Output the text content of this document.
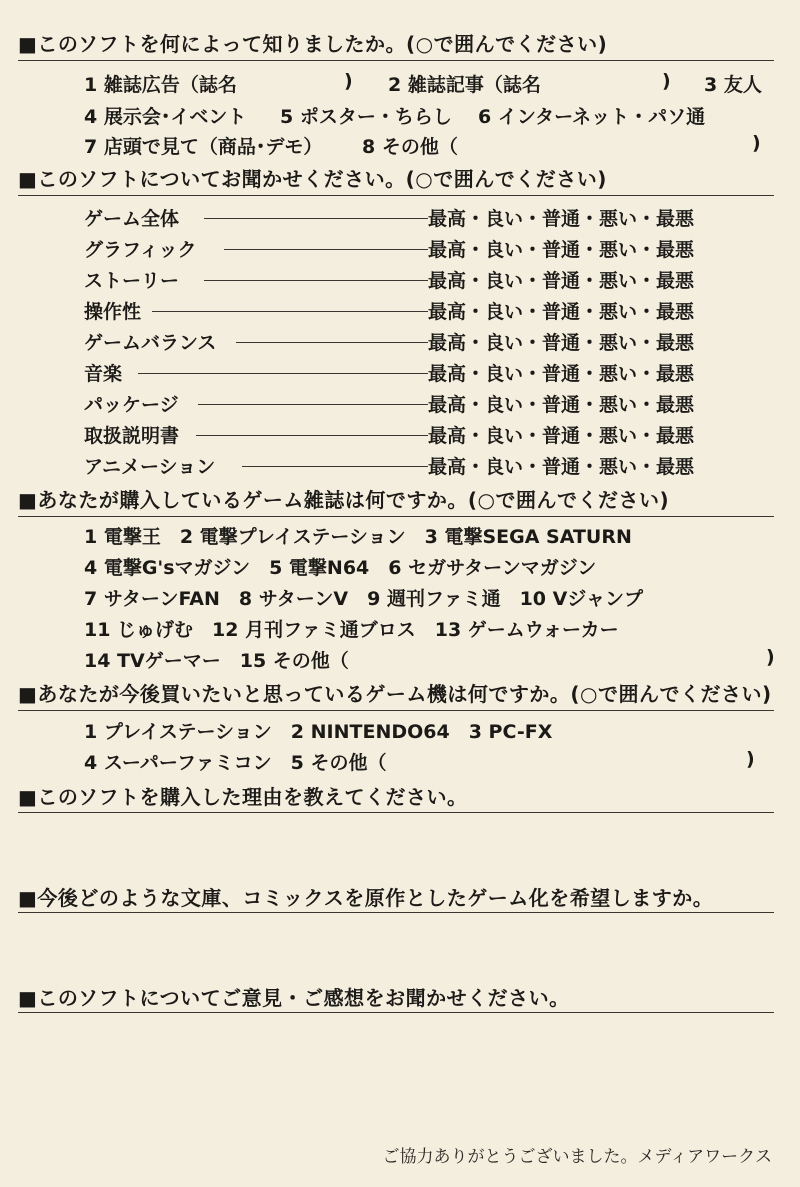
■このソフトを何によって知りましたか。(○で囲んでください)
1 雑誌広告（誌名	) 2 雑誌記事（誌名	) 3 友人
4 展示会･イベント 5 ポスター・ちらし 6 インターネット・パソ通
7 店頭で見て（商品･デモ） 8 その他（	)
■このソフトについてお聞かせください。(○で囲んでください)
ゲーム全体	最高・良い・普通・悪い・最悪
グラフィック	最高・良い・普通・悪い・最悪
ストーリー	最高・良い・普通・悪い・最悪
操作性	最高・良い・普通・悪い・最悪
ゲームバランス	最高・良い・普通・悪い・最悪
音楽	最高・良い・普通・悪い・最悪
パッケージ	最高・良い・普通・悪い・最悪
取扱説明書	最高・良い・普通・悪い・最悪
アニメーション	最高・良い・普通・悪い・最悪
■あなたが購入しているゲーム雑誌は何ですか。(○で囲んでください)
1 電撃王　2 電撃プレイステーション　3 電撃SEGA SATURN
4 電撃G'sマガジン　5 電撃N64　6 セガサターンマガジン
7 サターンFAN　8 サターンV　9 週刊ファミ通　10 Vジャンプ
11 じゅげむ　12 月刊ファミ通ブロス　13 ゲームウォーカー
14 TVゲーマー　15 その他（	)
■あなたが今後買いたいと思っているゲーム機は何ですか。(○で囲んでください)
1 プレイステーション　2 NINTENDO64　3 PC-FX
4 スーパーファミコン　5 その他（	)
■このソフトを購入した理由を教えてください。
■今後どのような文庫、コミックスを原作としたゲーム化を希望しますか。
■このソフトについてご意見・ご感想をお聞かせください。
ご協力ありがとうございました。メディアワークス
